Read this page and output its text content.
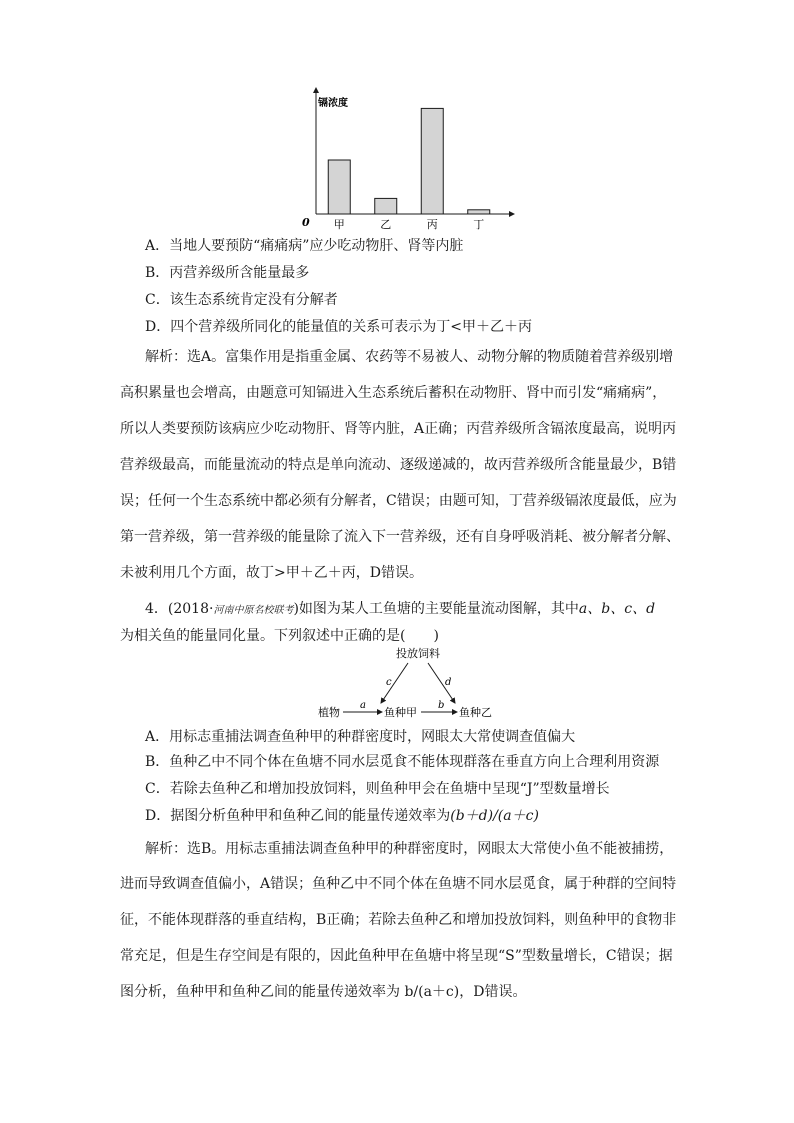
镉浓度
0 甲	乙	丙	丁
A．当地人要预防“痛痛病”应少吃动物肝、肾等内脏
B．丙营养级所含能量最多
C．该生态系统肯定没有分解者
D．四个营养级所同化的能量值的关系可表示为丁<甲＋乙＋丙
解析：选A。富集作用是指重金属、农药等不易被人、动物分解的物质随着营养级别增
高积累量也会增高，由题意可知镉进入生态系统后蓄积在动物肝、肾中而引发“痛痛病”，
所以人类要预防该病应少吃动物肝、肾等内脏，A正确；丙营养级所含镉浓度最高，说明丙
营养级最高，而能量流动的特点是单向流动、逐级递减的，故丙营养级所含能量最少，B错
误；任何一个生态系统中都必须有分解者，C错误；由题可知，丁营养级镉浓度最低，应为
第一营养级，第一营养级的能量除了流入下一营养级，还有自身呼吸消耗、被分解者分解、
未被利用几个方面，故丁>甲＋乙＋丙，D错误。
4．(2018·河南中原名校联考)如图为某人工鱼塘的主要能量流动图解，其中a、b、c、d
为相关鱼的能量同化量。下列叙述中正确的是(　　)
投放饲料
c	d
植物
a
鱼种甲
b
鱼种乙
A．用标志重捕法调查鱼种甲的种群密度时，网眼太大常使调查值偏大
B．鱼种乙中不同个体在鱼塘不同水层觅食不能体现群落在垂直方向上合理利用资源
C．若除去鱼种乙和增加投放饲料，则鱼种甲会在鱼塘中呈现“J”型数量增长
D．据图分析鱼种甲和鱼种乙间的能量传递效率为(b＋d)/(a＋c)
解析：选B。用标志重捕法调查鱼种甲的种群密度时，网眼太大常使小鱼不能被捕捞，
进而导致调查值偏小，A错误；鱼种乙中不同个体在鱼塘不同水层觅食，属于种群的空间特
征，不能体现群落的垂直结构，B正确；若除去鱼种乙和增加投放饲料，则鱼种甲的食物非
常充足，但是生存空间是有限的，因此鱼种甲在鱼塘中将呈现“S”型数量增长，C错误；据
图分析，鱼种甲和鱼种乙间的能量传递效率为 b/(a＋c)，D错误。
